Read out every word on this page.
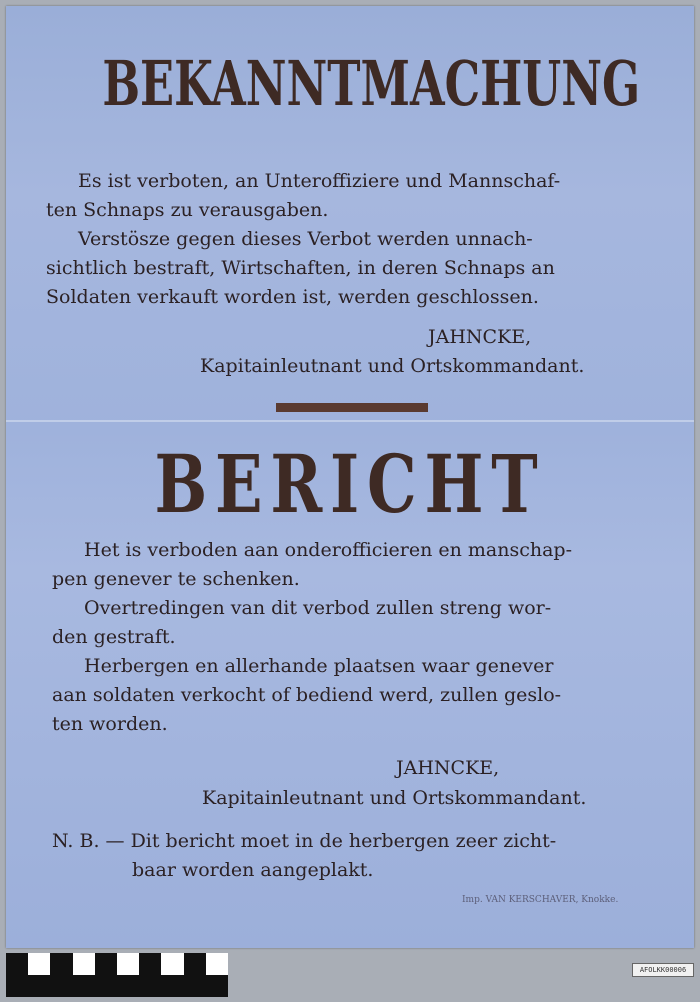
BEKANNTMACHUNG
Es ist verboten, an Unteroffiziere und Mannschaf-
ten Schnaps zu verausgaben.
Verstösze gegen dieses Verbot werden unnach-
sichtlich bestraft, Wirtschaften, in deren Schnaps an
Soldaten verkauft worden ist, werden geschlossen.
JAHNCKE,
Kapitainleutnant und Ortskommandant.
BERICHT
Het is verboden aan onderofficieren en manschap-
pen genever te schenken.
Overtredingen van dit verbod zullen streng wor-
den gestraft.
Herbergen en allerhande plaatsen waar genever
aan soldaten verkocht of bediend werd, zullen geslo-
ten worden.
JAHNCKE,
Kapitainleutnant und Ortskommandant.
N. B. — Dit bericht moet in de herbergen zeer zicht-
baar worden aangeplakt.
Imp. VAN KERSCHAVER, Knokke.
AFOLKK00006
